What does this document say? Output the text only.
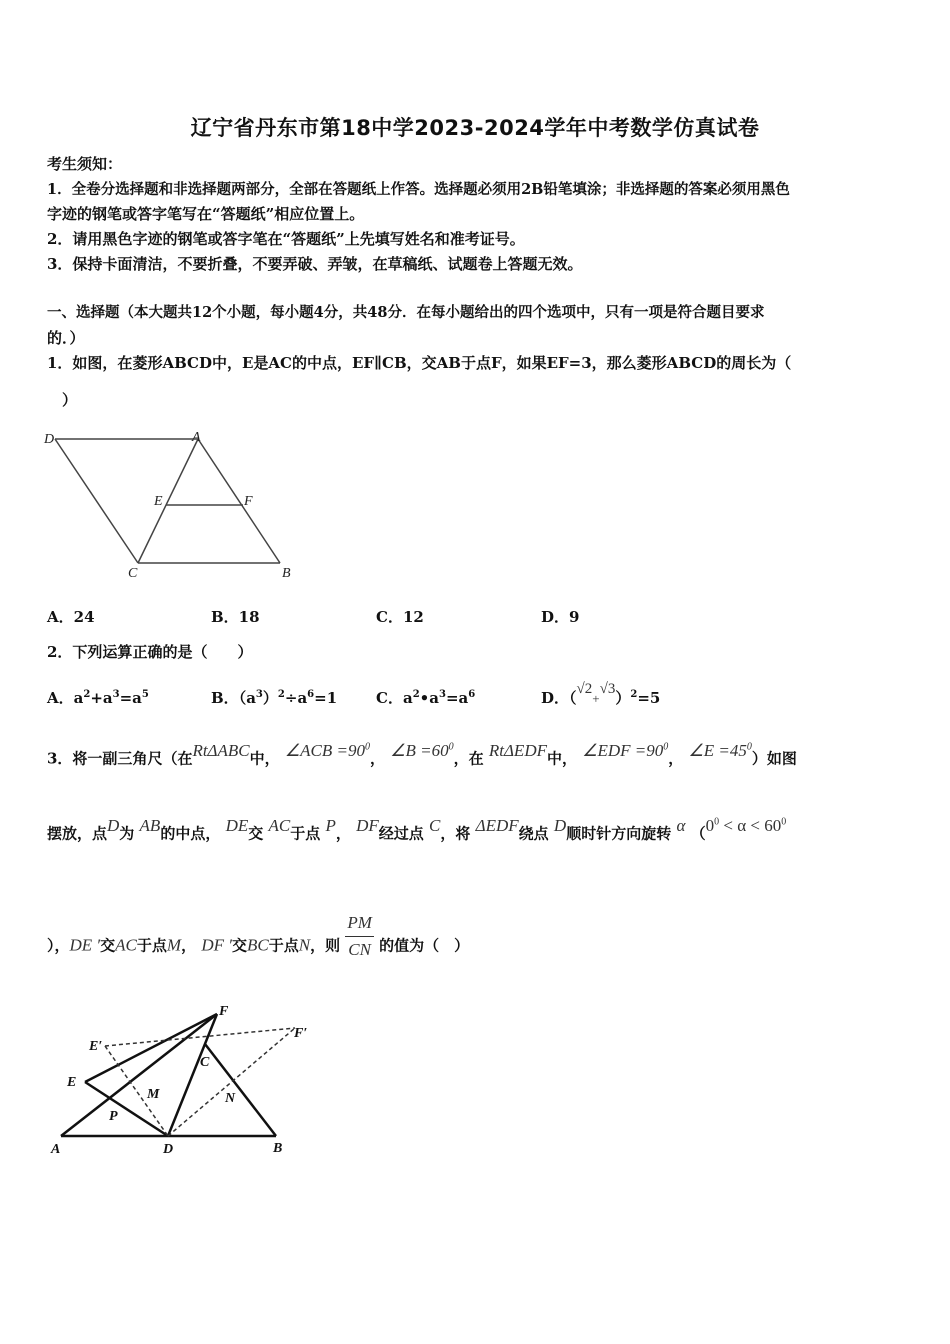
辽宁省丹东市第18中学2023-2024学年中考数学仿真试卷
考生须知：
1．全卷分选择题和非选择题两部分，全部在答题纸上作答。选择题必须用2B铅笔填涂；非选择题的答案必须用黑色
字迹的钢笔或答字笔写在“答题纸”相应位置上。
2．请用黑色字迹的钢笔或答字笔在“答题纸”上先填写姓名和准考证号。
3．保持卡面清洁，不要折叠，不要弄破、弄皱，在草稿纸、试题卷上答题无效。
一、选择题（本大题共12个小题，每小题4分，共48分．在每小题给出的四个选项中，只有一项是符合题目要求
的．）
1．如图，在菱形ABCD中，E是AC的中点，EF∥CB，交AB于点F，如果EF=3，那么菱形ABCD的周长为（
）
D	A
E	F
C	B
A．24	B．18	C．12	D．9
2．下列运算正确的是（　　）
A．$a^2+a^3=a^5$	B．$(a^3)^2\div a^6=1$	C．$a^2•a^3=a^6$	D．$(√2+√3)^2=5$
3．将一副三角尺（在RtΔABC中， ∠ACB $=90^0$， ∠B $=60^0$，在 RtΔEDF中， ∠EDF $=90^0$， ∠E $=45^0$）如图
摆放，点D为 AB的中点， DE交 AC于点 P， DF经过点 C，将 ΔEDF绕点 D顺时针方向旋转 α （$0^0 < \alpha < 60^0$
），DE ′交AC于点M， DF ′交BC于点N，则 $\frac{PM}{CN}$ 的值为（　）
F
E′
F′
C
E
M	N
P
A	D	B
